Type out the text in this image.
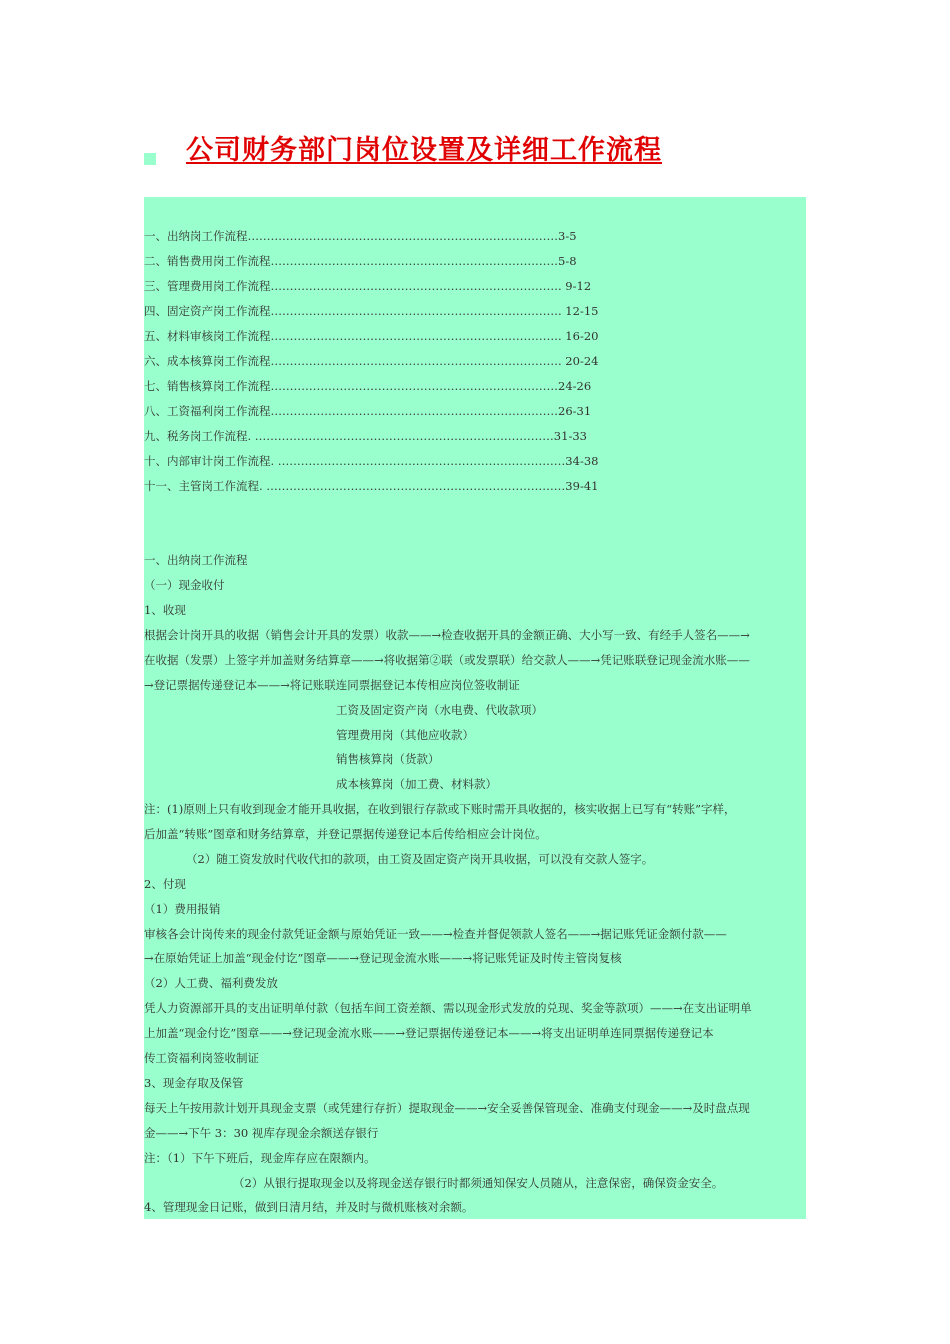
公司财务部门岗位设置及详细工作流程
一、出纳岗工作流程………………………………………………………………………3-5
二、销售费用岗工作流程…………………………………………………………………5-8
三、管理费用岗工作流程…………………………………………………………………. 9-12
四、固定资产岗工作流程…………………………………………………………………. 12-15
五、材料审核岗工作流程…………………………………………………………………. 16-20
六、成本核算岗工作流程…………………………………………………………………. 20-24
七、销售核算岗工作流程…………………………………………………………………24-26
八、工资福利岗工作流程…………………………………………………………………26-31
九、税务岗工作流程. ……………………………………………………………………31-33
十、内部审计岗工作流程. …………………………………………………………………34-38
十一、主管岗工作流程. ……………………………………………………………………39-41
一、出纳岗工作流程
（一）现金收付
1、收现
根据会计岗开具的收据（销售会计开具的发票）收款——→检查收据开具的金额正确、大小写一致、有经手人签名——→
在收据（发票）上签字并加盖财务结算章——→将收据第②联（或发票联）给交款人——→凭记账联登记现金流水账——
→登记票据传递登记本——→将记账联连同票据登记本传相应岗位签收制证
工资及固定资产岗（水电费、代收款项）
管理费用岗（其他应收款）
销售核算岗（货款）
成本核算岗（加工费、材料款）
注：(1)原则上只有收到现金才能开具收据，在收到银行存款或下账时需开具收据的，核实收据上已写有“转账”字样，
后加盖“转账”图章和财务结算章，并登记票据传递登记本后传给相应会计岗位。
（2）随工资发放时代收代扣的款项，由工资及固定资产岗开具收据，可以没有交款人签字。
2、付现
（1）费用报销
审核各会计岗传来的现金付款凭证金额与原始凭证一致——→检查并督促领款人签名——→据记账凭证金额付款——
→在原始凭证上加盖“现金付讫”图章——→登记现金流水账——→将记账凭证及时传主管岗复核
（2）人工费、福利费发放
凭人力资源部开具的支出证明单付款（包括车间工资差额、需以现金形式发放的兑现、奖金等款项）——→在支出证明单
上加盖“现金付讫”图章——→登记现金流水账——→登记票据传递登记本——→将支出证明单连同票据传递登记本
传工资福利岗签收制证
3、现金存取及保管
每天上午按用款计划开具现金支票（或凭建行存折）提取现金——→安全妥善保管现金、准确支付现金——→及时盘点现
金——→下午 3：30 视库存现金余额送存银行
注：（1）下午下班后，现金库存应在限额内。
（2）从银行提取现金以及将现金送存银行时都须通知保安人员随从，注意保密，确保资金安全。
4、管理现金日记账，做到日清月结，并及时与微机账核对余额。
